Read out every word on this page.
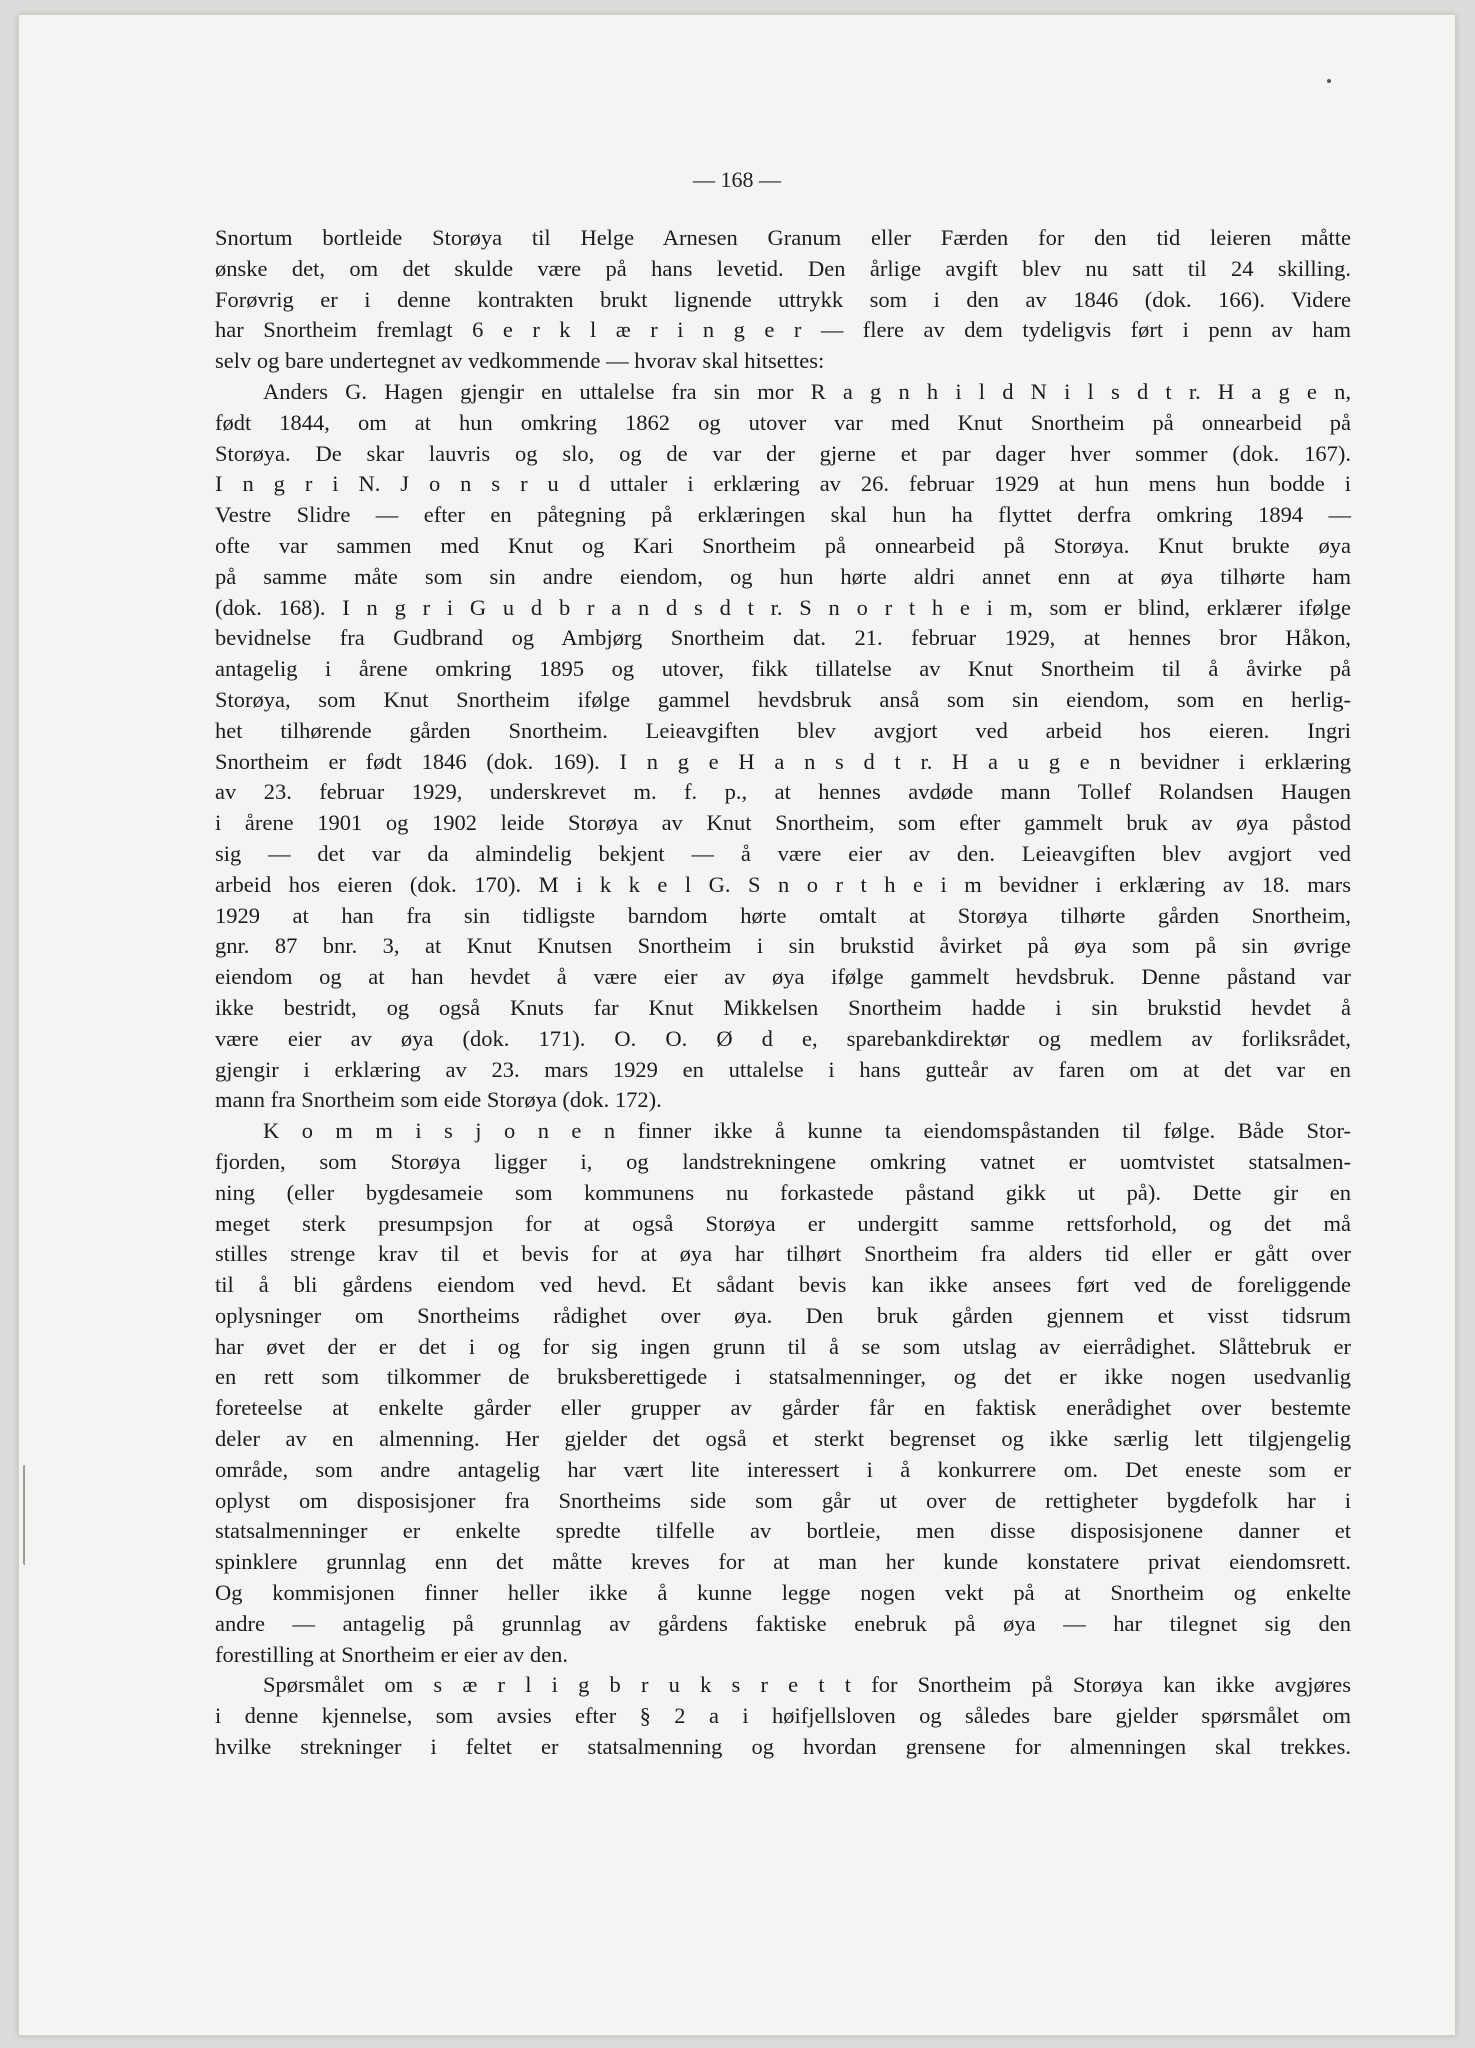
— 168 —
Snortum bortleide Storøya til Helge Arnesen Granum eller Færden for den tid leieren måtte
ønske det, om det skulde være på hans levetid. Den årlige avgift blev nu satt til 24 skilling.
Forøvrig er i denne kontrakten brukt lignende uttrykk som i den av 1846 (dok. 166). Videre
har Snortheim fremlagt 6 e r k l æ r i n g e r — flere av dem tydeligvis ført i penn av ham
selv og bare undertegnet av vedkommende — hvorav skal hitsettes:
Anders G. Hagen gjengir en uttalelse fra sin mor R a g n h i l d N i l s d t r. H a g e n,
født 1844, om at hun omkring 1862 og utover var med Knut Snortheim på onnearbeid på
Storøya. De skar lauvris og slo, og de var der gjerne et par dager hver sommer (dok. 167).
I n g r i N. J o n s r u d uttaler i erklæring av 26. februar 1929 at hun mens hun bodde i
Vestre Slidre — efter en påtegning på erklæringen skal hun ha flyttet derfra omkring 1894 —
ofte var sammen med Knut og Kari Snortheim på onnearbeid på Storøya. Knut brukte øya
på samme måte som sin andre eiendom, og hun hørte aldri annet enn at øya tilhørte ham
(dok. 168). I n g r i G u d b r a n d s d t r. S n o r t h e i m, som er blind, erklærer ifølge
bevidnelse fra Gudbrand og Ambjørg Snortheim dat. 21. februar 1929, at hennes bror Håkon,
antagelig i årene omkring 1895 og utover, fikk tillatelse av Knut Snortheim til å åvirke på
Storøya, som Knut Snortheim ifølge gammel hevdsbruk anså som sin eiendom, som en herlig-
het tilhørende gården Snortheim. Leieavgiften blev avgjort ved arbeid hos eieren. Ingri
Snortheim er født 1846 (dok. 169). I n g e H a n s d t r. H a u g e n bevidner i erklæring
av 23. februar 1929, underskrevet m. f. p., at hennes avdøde mann Tollef Rolandsen Haugen
i årene 1901 og 1902 leide Storøya av Knut Snortheim, som efter gammelt bruk av øya påstod
sig — det var da almindelig bekjent — å være eier av den. Leieavgiften blev avgjort ved
arbeid hos eieren (dok. 170). M i k k e l G. S n o r t h e i m bevidner i erklæring av 18. mars
1929 at han fra sin tidligste barndom hørte omtalt at Storøya tilhørte gården Snortheim,
gnr. 87 bnr. 3, at Knut Knutsen Snortheim i sin brukstid åvirket på øya som på sin øvrige
eiendom og at han hevdet å være eier av øya ifølge gammelt hevdsbruk. Denne påstand var
ikke bestridt, og også Knuts far Knut Mikkelsen Snortheim hadde i sin brukstid hevdet å
være eier av øya (dok. 171). O. O. Ø d e, sparebankdirektør og medlem av forliksrådet,
gjengir i erklæring av 23. mars 1929 en uttalelse i hans gutteår av faren om at det var en
mann fra Snortheim som eide Storøya (dok. 172).
K o m m i s j o n e n finner ikke å kunne ta eiendomspåstanden til følge. Både Stor-
fjorden, som Storøya ligger i, og landstrekningene omkring vatnet er uomtvistet statsalmen-
ning (eller bygdesameie som kommunens nu forkastede påstand gikk ut på). Dette gir en
meget sterk presumpsjon for at også Storøya er undergitt samme rettsforhold, og det må
stilles strenge krav til et bevis for at øya har tilhørt Snortheim fra alders tid eller er gått over
til å bli gårdens eiendom ved hevd. Et sådant bevis kan ikke ansees ført ved de foreliggende
oplysninger om Snortheims rådighet over øya. Den bruk gården gjennem et visst tidsrum
har øvet der er det i og for sig ingen grunn til å se som utslag av eierrådighet. Slåttebruk er
en rett som tilkommer de bruksberettigede i statsalmenninger, og det er ikke nogen usedvanlig
foreteelse at enkelte gårder eller grupper av gårder får en faktisk enerådighet over bestemte
deler av en almenning. Her gjelder det også et sterkt begrenset og ikke særlig lett tilgjengelig
område, som andre antagelig har vært lite interessert i å konkurrere om. Det eneste som er
oplyst om disposisjoner fra Snortheims side som går ut over de rettigheter bygdefolk har i
statsalmenninger er enkelte spredte tilfelle av bortleie, men disse disposisjonene danner et
spinklere grunnlag enn det måtte kreves for at man her kunde konstatere privat eiendomsrett.
Og kommisjonen finner heller ikke å kunne legge nogen vekt på at Snortheim og enkelte
andre — antagelig på grunnlag av gårdens faktiske enebruk på øya — har tilegnet sig den
forestilling at Snortheim er eier av den.
Spørsmålet om s æ r l i g b r u k s r e t t for Snortheim på Storøya kan ikke avgjøres
i denne kjennelse, som avsies efter § 2 a i høifjellsloven og således bare gjelder spørsmålet om
hvilke strekninger i feltet er statsalmenning og hvordan grensene for almenningen skal trekkes.
